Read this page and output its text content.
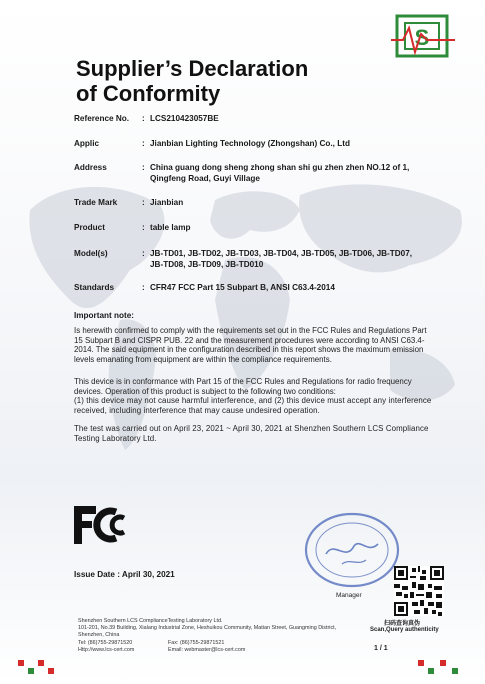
S
Supplier’s Declaration
of Conformity
Reference No.	: LCS210423057BE
Applic	: Jianbian Lighting Technology (Zhongshan) Co., Ltd
Address	: China guang dong sheng zhong shan shi gu zhen zhen NO.12 of 1, Qingfeng Road, Guyi Village
Trade Mark	: Jianbian
Product	: table lamp
Model(s)	: JB-TD01, JB-TD02, JB-TD03, JB-TD04, JB-TD05, JB-TD06, JB-TD07, JB-TD08, JB-TD09, JB-TD010
Standards	: CFR47 FCC Part 15 Subpart B, ANSI C63.4-2014
Important note:
Is herewith confirmed to comply with the requirements set out in the FCC Rules and Regulations Part 15 Subpart B and CISPR PUB. 22 and the measurement procedures were according to ANSI C63.4-2014. The said equipment in the configuration described in this report shows the maximum emission levels emanating from equipment are within the compliance requirements.
This device is in conformance with Part 15 of the FCC Rules and Regulations for radio frequency devices. Operation of this product is subject to the following two conditions:
(1) this device may not cause harmful interference, and (2) this device must accept any interference received, including interference that may cause undesired operation.
The test was carried out on April 23, 2021 ~ April 30, 2021 at Shenzhen Southern LCS Compliance Testing Laboratory Ltd.
Issue Date : April 30, 2021
Manager
扫码查询真伪
Scan,Query authenticity
Shenzhen Southern LCS ComplianceTesting Laboratory Ltd.
101-201, No.39 Building, Xialang Industrial Zone, Heshuikou Community, Matian Street, Guangming District,
Shenzhen, China
Tel: (86)755-29871520	Fax: (86)755-29871521
Http://www.lcs-cert.com	Email: webmaster@lcs-cert.com	1 / 1
